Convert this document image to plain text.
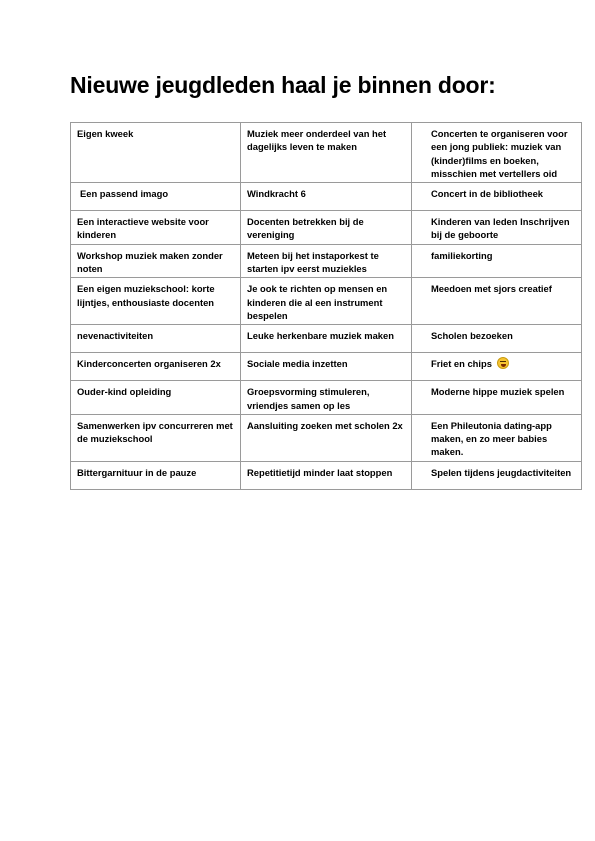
Nieuwe jeugdleden haal je binnen door:
Eigen kweek	Muziek meer onderdeel van het dagelijks leven te maken	Concerten te organiseren voor een jong publiek: muziek van (kinder)films en boeken, misschien met vertellers oid
Een passend imago	Windkracht 6	Concert in de bibliotheek
Een interactieve website voor kinderen	Docenten betrekken bij de vereniging	Kinderen van leden Inschrijven bij de geboorte
Workshop muziek maken zonder noten	Meteen bij het instaporkest te starten ipv eerst muziekles	familiekorting
Een eigen muziekschool: korte lijntjes, enthousiaste docenten	Je ook te richten op mensen en kinderen die al een instrument bespelen	Meedoen met sjors creatief
nevenactiviteiten	Leuke herkenbare muziek maken	Scholen bezoeken
Kinderconcerten organiseren 2x	Sociale media inzetten	Friet en chips
Ouder-kind opleiding	Groepsvorming stimuleren, vriendjes samen op les	Moderne hippe muziek spelen
Samenwerken ipv concurreren met de muziekschool	Aansluiting zoeken met scholen 2x	Een Phileutonia dating-app maken, en zo meer babies maken.
Bittergarnituur in de pauze	Repetitietijd minder laat stoppen	Spelen tijdens jeugdactiviteiten
